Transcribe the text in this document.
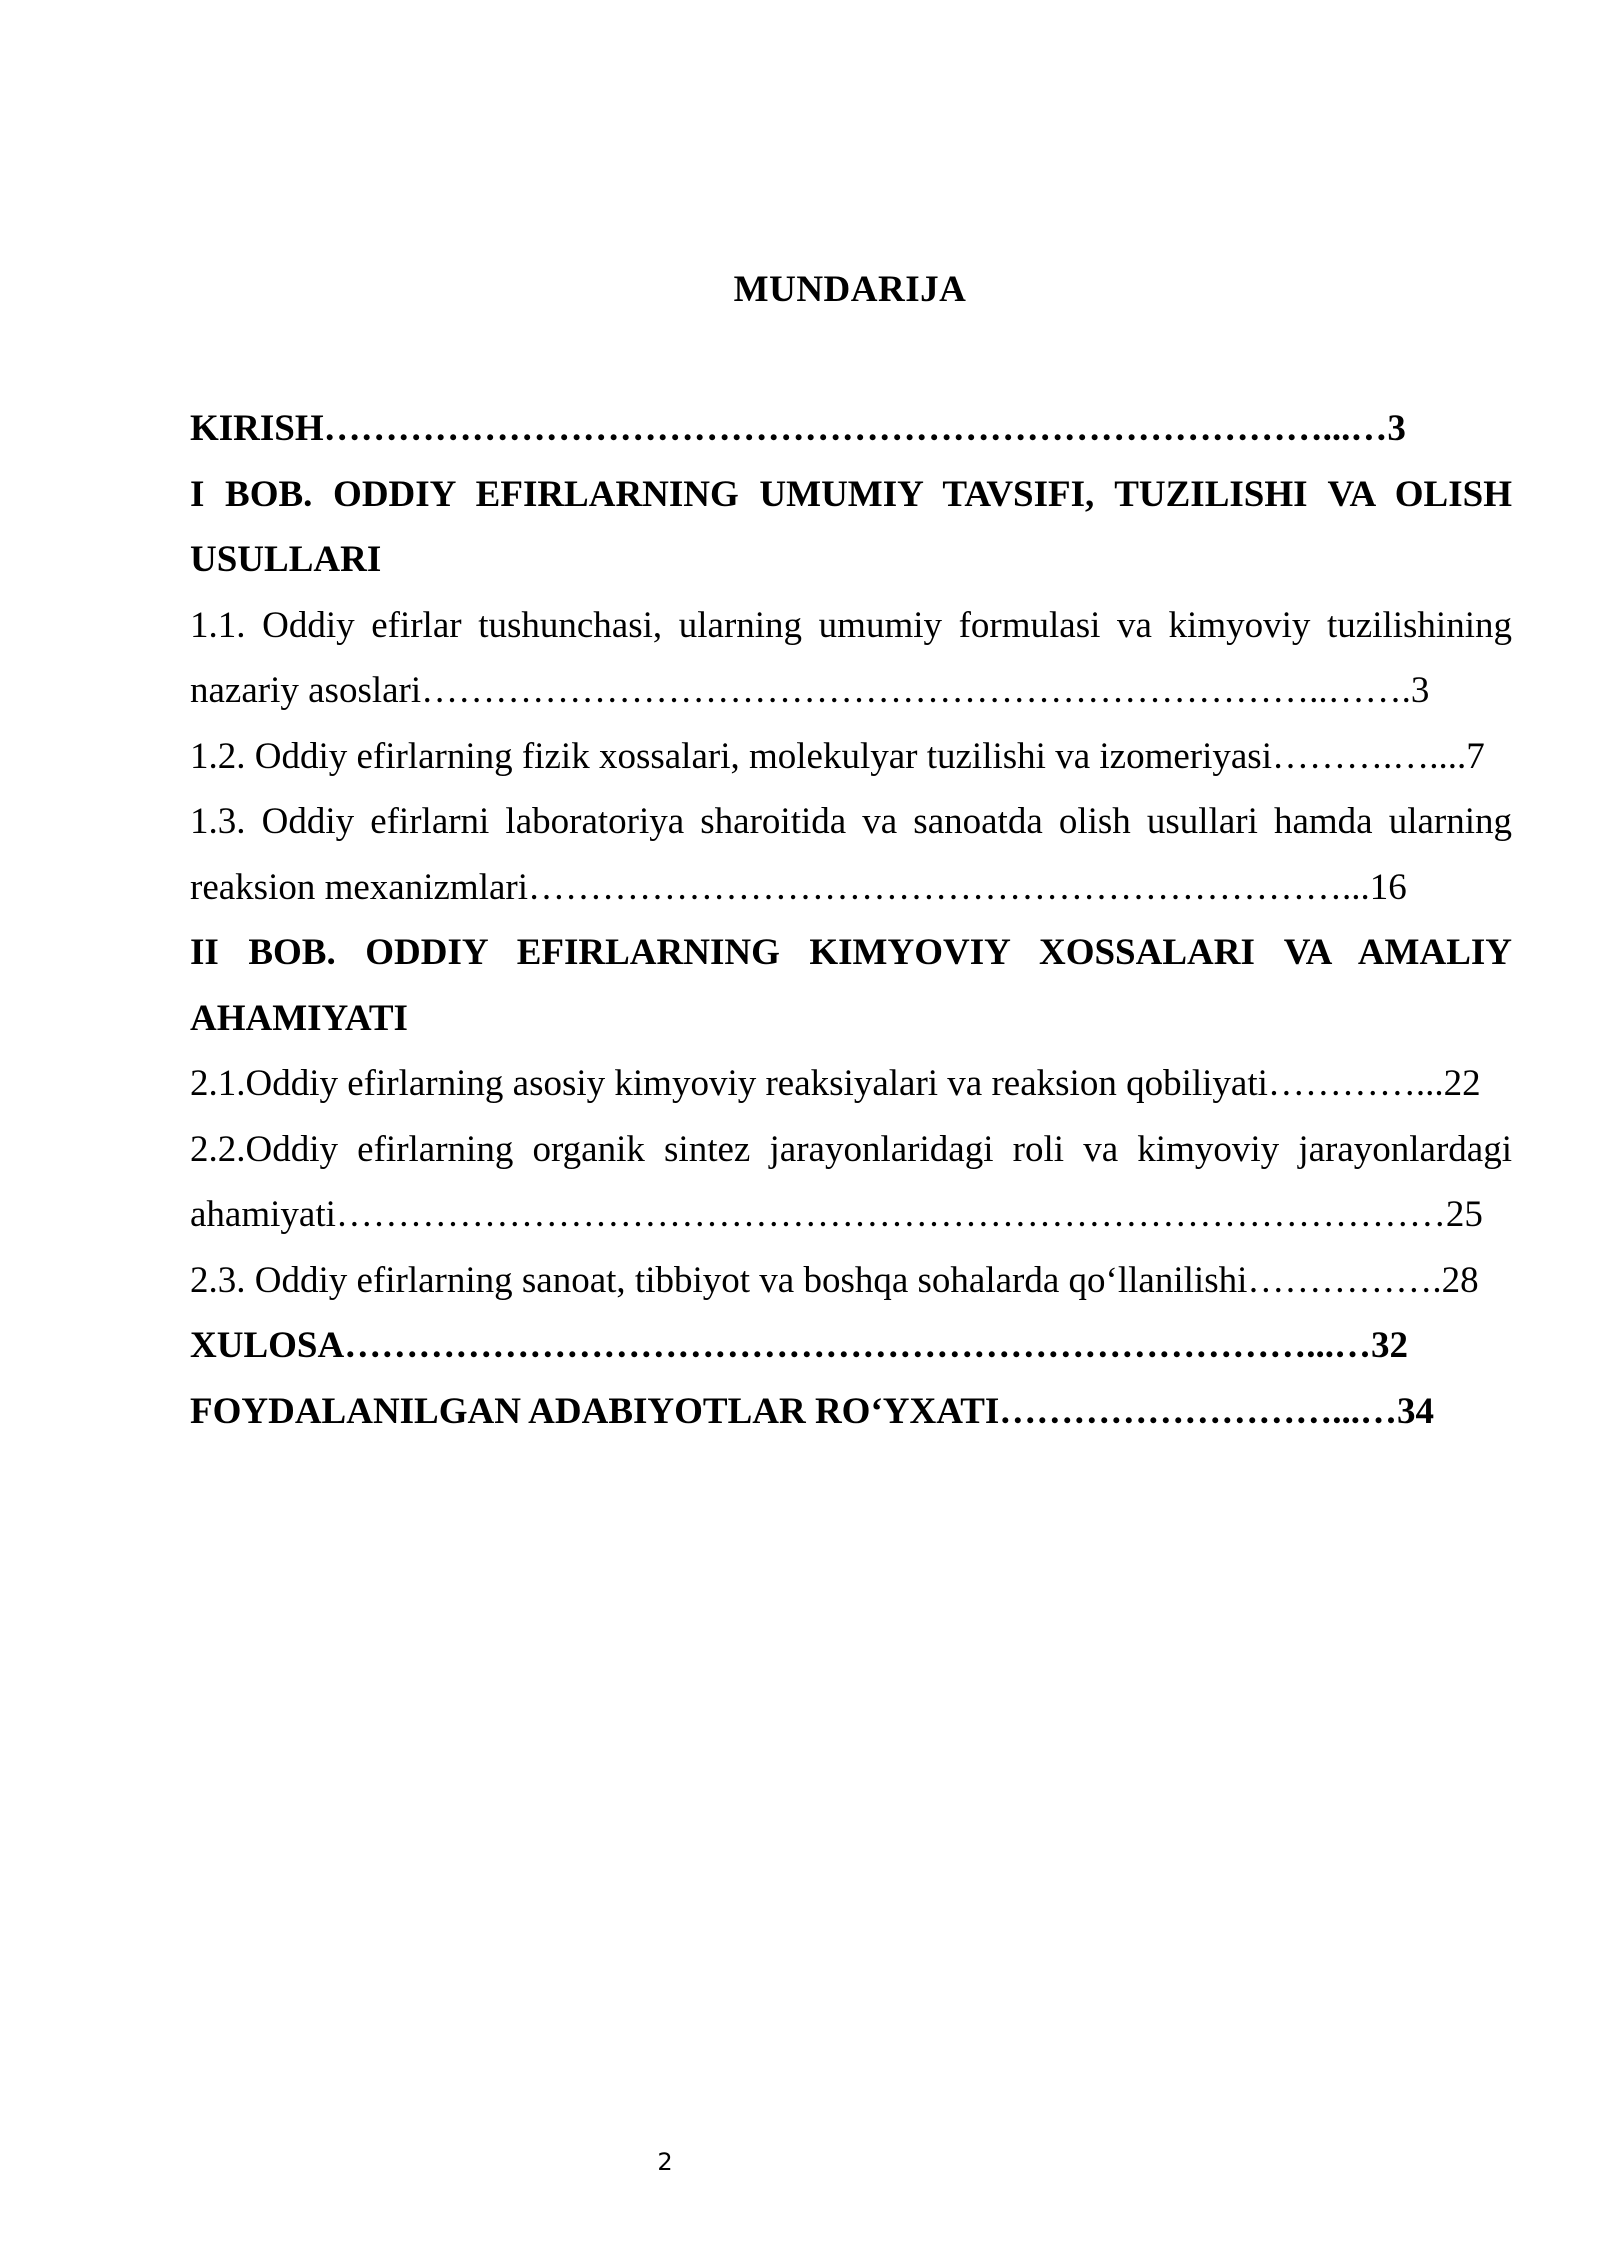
MUNDARIJA

KIRISH………………………………………………………………………...…3

I BOB. ODDIY EFIRLARNING UMUMIY TAVSIFI, TUZILISHI VA OLISH

USULLARI

1.1. Oddiy efirlar tushunchasi, ularning umumiy formulasi va kimyoviy tuzilishining

nazariy asoslari………………………………………………………………..…….3

1.2. Oddiy efirlarning fizik xossalari, molekulyar tuzilishi va izomeriyasi……….…....7

1.3. Oddiy efirlarni laboratoriya sharoitida va sanoatda olish usullari hamda ularning

reaksion mexanizmlari…………………………………………………………...16

II BOB. ODDIY EFIRLARNING KIMYOVIY XOSSALARI VA AMALIY

AHAMIYATI

2.1.Oddiy efirlarning asosiy kimyoviy reaksiyalari va reaksion qobiliyati…………...22

2.2.Oddiy efirlarning organik sintez jarayonlaridagi roli va kimyoviy jarayonlardagi

ahamiyati………………………………………………………………………………25

2.3. Oddiy efirlarning sanoat, tibbiyot va boshqa sohalarda qo‘llanilishi…………….28

XULOSA……………………………………………………………………...…32

FOYDALANILGAN ADABIYOTLAR RO‘YXATI………………………...…34

2
